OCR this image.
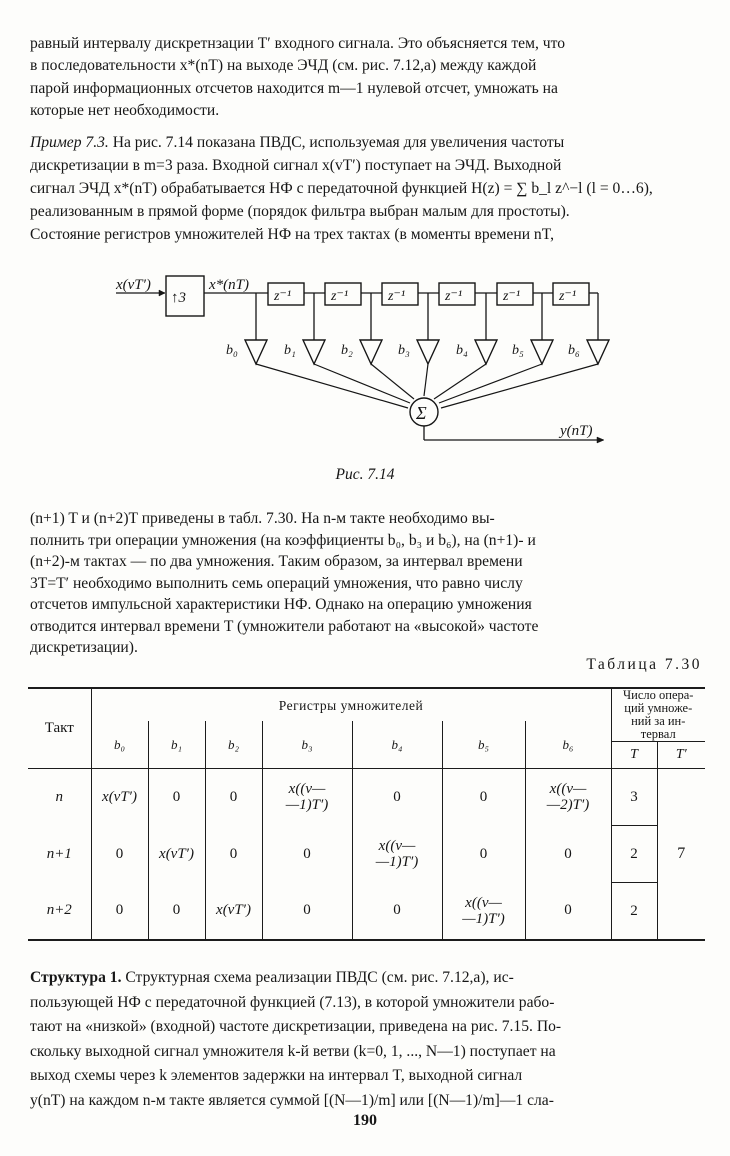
равный интервалу дискретнзации T′ входного сигнала. Это объясняется тем, что
в последовательности x*(nT) на выходе ЭЧД (см. рис. 7.12,a) между каждой
парой информационных отсчетов находится m—1 нулевой отсчет, умножать на
которые нет необходимости.

Пример 7.3. На рис. 7.14 показана ПВДС, используемая для увеличения частоты
дискретизации в m=3 раза. Входной сигнал x(vT′) поступает на ЭЧД. Выходной
сигнал ЭЧД x*(nT) обрабатывается НФ с передаточной функцией H(z) = ∑ b_l z^−l (l = 0…6),
реализованным в прямой форме (порядок фильтра выбран малым для простоты).
Состояние регистров умножителей НФ на трех тактах (в моменты времени nT,

x(vT′)
↑3
x*(nT)
z⁻¹	z⁻¹	z⁻¹	z⁻¹	z⁻¹	z⁻¹
b₀	b₁	b₂	b₃	b₄	b₅	b₆
Σ
y(nT)
Рис. 7.14

(n+1) T и (n+2)T приведены в табл. 7.30. На n-м такте необходимо вы-
полнить три операции умножения (на коэффициенты b₀, b₃ и b₆), на (n+1)- и
(n+2)-м тактах — по два умножения. Таким образом, за интервал времени
3T=T′ необходимо выполнить семь операций умножения, что равно числу
отсчетов импульсной характеристики НФ. Однако на операцию умножения
отводится интервал времени T (умножители работают на «высокой» частоте
дискретизации).

Таблица 7.30
Такт	Регистры умножителей							Число опера-
ций умноже-
ний за ин-
тервал	
	b₀	b₁	b₂	b₃	b₄	b₅	b₆		
								T	T′
n	x(vT′)	0	0	x((v—
—1)T′)	0	0	x((v—
—2)T′)	3	7
n+1	0	x(vT′)	0	0	x((v—
—1)T′)	0	0	2	
n+2	0	0	x(vT′)	0	0	x((v—
—1)T′)	0	2	

Структура 1. Структурная схема реализации ПВДС (см. рис. 7.12,a), ис-
пользующей НФ с передаточной функцией (7.13), в которой умножители рабо-
тают на «низкой» (входной) частоте дискретизации, приведена на рис. 7.15. По-
скольку выходной сигнал умножителя k-й ветви (k=0, 1, ..., N—1) поступает на
выход схемы через k элементов задержки на интервал T, выходной сигнал
y(nT) на каждом n-м такте является суммой [(N—1)/m] или [(N—1)/m]—1 сла-

190
